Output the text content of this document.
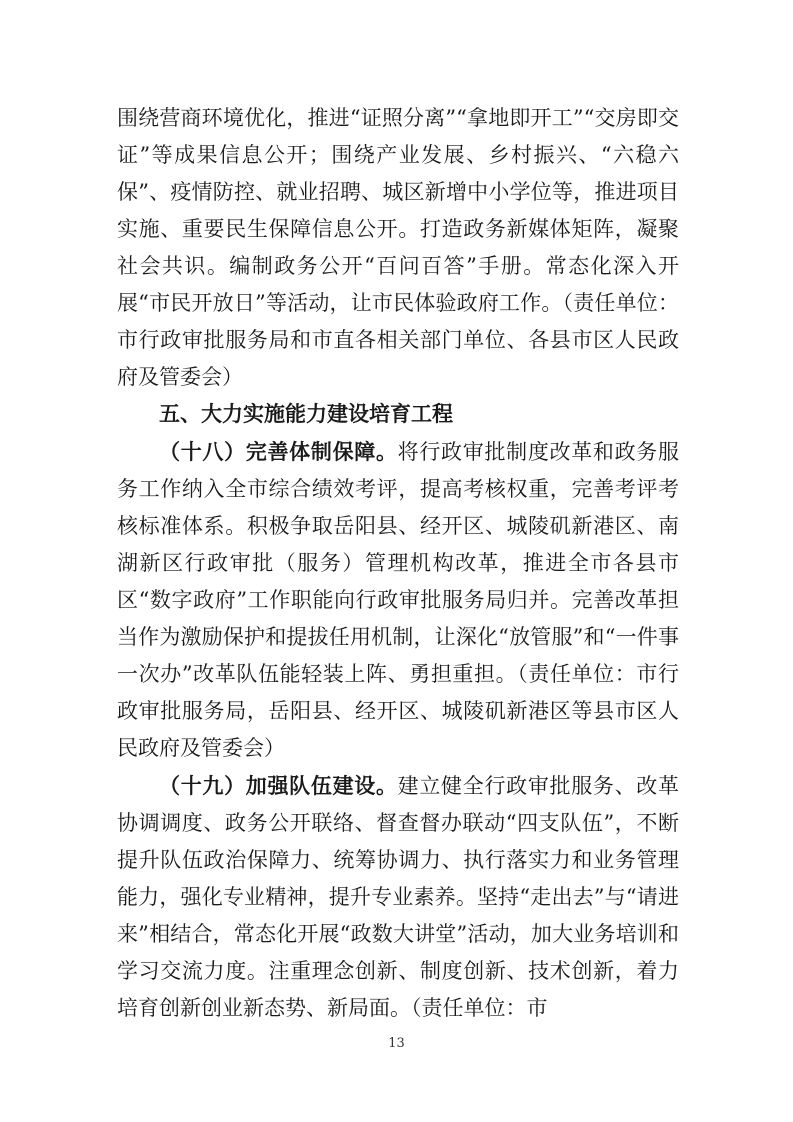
围绕营商环境优化，推进“证照分离”“拿地即开工”“交房即交证”等成果信息公开；围绕产业发展、乡村振兴、“六稳六保”、疫情防控、就业招聘、城区新增中小学位等，推进项目实施、重要民生保障信息公开。打造政务新媒体矩阵，凝聚社会共识。编制政务公开“百问百答”手册。常态化深入开展“市民开放日”等活动，让市民体验政府工作。（责任单位：市行政审批服务局和市直各相关部门单位、各县市区人民政府及管委会）

五、大力实施能力建设培育工程

（十八）完善体制保障。将行政审批制度改革和政务服务工作纳入全市综合绩效考评，提高考核权重，完善考评考核标准体系。积极争取岳阳县、经开区、城陵矶新港区、南湖新区行政审批（服务）管理机构改革，推进全市各县市区“数字政府”工作职能向行政审批服务局归并。完善改革担当作为激励保护和提拔任用机制，让深化“放管服”和“一件事一次办”改革队伍能轻装上阵、勇担重担。（责任单位：市行政审批服务局，岳阳县、经开区、城陵矶新港区等县市区人民政府及管委会）

（十九）加强队伍建设。建立健全行政审批服务、改革协调调度、政务公开联络、督查督办联动“四支队伍”，不断提升队伍政治保障力、统筹协调力、执行落实力和业务管理能力，强化专业精神，提升专业素养。坚持“走出去”与“请进来”相结合，常态化开展“政数大讲堂”活动，加大业务培训和学习交流力度。注重理念创新、制度创新、技术创新，着力培育创新创业新态势、新局面。（责任单位：市

13
